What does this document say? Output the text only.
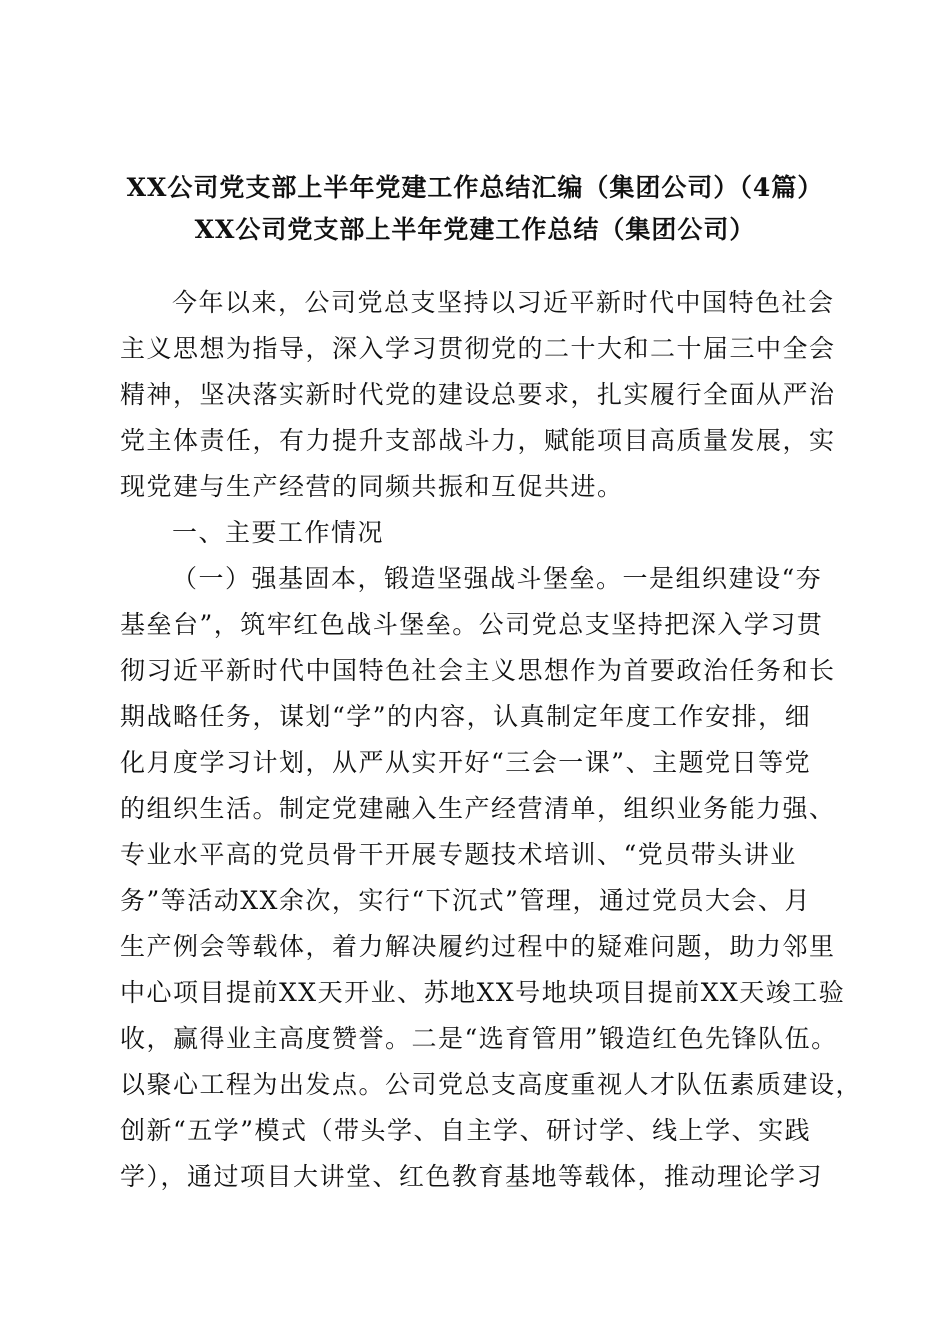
XX公司党支部上半年党建工作总结汇编（集团公司）（4篇）
XX公司党支部上半年党建工作总结（集团公司）
今年以来，公司党总支坚持以习近平新时代中国特色社会
主义思想为指导，深入学习贯彻党的二十大和二十届三中全会
精神，坚决落实新时代党的建设总要求，扎实履行全面从严治
党主体责任，有力提升支部战斗力，赋能项目高质量发展，实
现党建与生产经营的同频共振和互促共进。
一、主要工作情况
（一）强基固本，锻造坚强战斗堡垒。一是组织建设“夯
基垒台”，筑牢红色战斗堡垒。公司党总支坚持把深入学习贯
彻习近平新时代中国特色社会主义思想作为首要政治任务和长
期战略任务，谋划“学”的内容，认真制定年度工作安排，细
化月度学习计划，从严从实开好“三会一课”、主题党日等党
的组织生活。制定党建融入生产经营清单，组织业务能力强、
专业水平高的党员骨干开展专题技术培训、“党员带头讲业
务”等活动XX余次，实行“下沉式”管理，通过党员大会、月
生产例会等载体，着力解决履约过程中的疑难问题，助力邻里
中心项目提前XX天开业、苏地XX号地块项目提前XX天竣工验
收，赢得业主高度赞誉。二是“选育管用”锻造红色先锋队伍。
以聚心工程为出发点。公司党总支高度重视人才队伍素质建设，
创新“五学”模式（带头学、自主学、研讨学、线上学、实践
学），通过项目大讲堂、红色教育基地等载体，推动理论学习
